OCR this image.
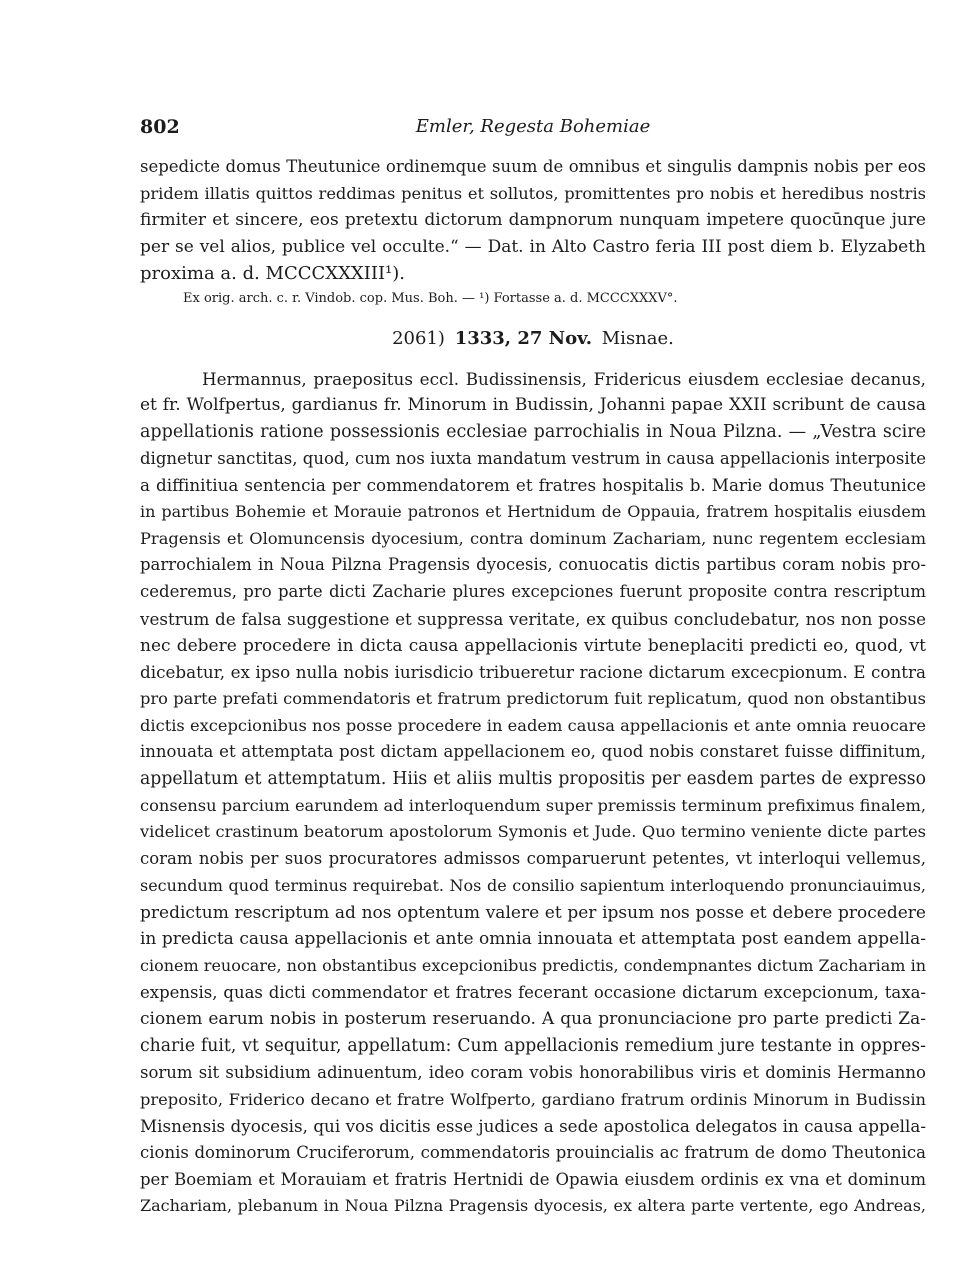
802	Emler, Regesta Bohemiae
sepedicte domus Theutunice ordinemque suum de omnibus et singulis dampnis nobis per eos
pridem illatis quittos reddimas penitus et sollutos, promittentes pro nobis et heredibus nostris
firmiter et sincere, eos pretextu dictorum dampnorum nunquam impetere quocūnque jure
per se vel alios, publice vel occulte.“ — Dat. in Alto Castro feria III post diem b. Elyzabeth
proxima a. d. MCCCXXXIII¹).
Ex orig. arch. c. r. Vindob. cop. Mus. Boh. — ¹) Fortasse a. d. MCCCXXXV°.
2061) 1333, 27 Nov. Misnae.
Hermannus, praepositus eccl. Budissinensis, Fridericus eiusdem ecclesiae decanus,
et fr. Wolfpertus, gardianus fr. Minorum in Budissin, Johanni papae XXII scribunt de causa
appellationis ratione possessionis ecclesiae parrochialis in Noua Pilzna. — „Vestra scire
dignetur sanctitas, quod, cum nos iuxta mandatum vestrum in causa appellacionis interposite
a diffinitiua sentencia per commendatorem et fratres hospitalis b. Marie domus Theutunice
in partibus Bohemie et Morauie patronos et Hertnidum de Oppauia, fratrem hospitalis eiusdem
Pragensis et Olomuncensis dyocesium, contra dominum Zachariam, nunc regentem ecclesiam
parrochialem in Noua Pilzna Pragensis dyocesis, conuocatis dictis partibus coram nobis pro-
cederemus, pro parte dicti Zacharie plures excepciones fuerunt proposite contra rescriptum
vestrum de falsa suggestione et suppressa veritate, ex quibus concludebatur, nos non posse
nec debere procedere in dicta causa appellacionis virtute beneplaciti predicti eo, quod, vt
dicebatur, ex ipso nulla nobis iurisdicio tribueretur racione dictarum excecpionum. E contra
pro parte prefati commendatoris et fratrum predictorum fuit replicatum, quod non obstantibus
dictis excepcionibus nos posse procedere in eadem causa appellacionis et ante omnia reuocare
innouata et attemptata post dictam appellacionem eo, quod nobis constaret fuisse diffinitum,
appellatum et attemptatum. Hiis et aliis multis propositis per easdem partes de expresso
consensu parcium earundem ad interloquendum super premissis terminum prefiximus finalem,
videlicet crastinum beatorum apostolorum Symonis et Jude. Quo termino veniente dicte partes
coram nobis per suos procuratores admissos comparuerunt petentes, vt interloqui vellemus,
secundum quod terminus requirebat. Nos de consilio sapientum interloquendo pronunciauimus,
predictum rescriptum ad nos optentum valere et per ipsum nos posse et debere procedere
in predicta causa appellacionis et ante omnia innouata et attemptata post eandem appella-
cionem reuocare, non obstantibus excepcionibus predictis, condempnantes dictum Zachariam in
expensis, quas dicti commendator et fratres fecerant occasione dictarum excepcionum, taxa-
cionem earum nobis in posterum reseruando. A qua pronunciacione pro parte predicti Za-
charie fuit, vt sequitur, appellatum: Cum appellacionis remedium jure testante in oppres-
sorum sit subsidium adinuentum, ideo coram vobis honorabilibus viris et dominis Hermanno
preposito, Friderico decano et fratre Wolfperto, gardiano fratrum ordinis Minorum in Budissin
Misnensis dyocesis, qui vos dicitis esse judices a sede apostolica delegatos in causa appella-
cionis dominorum Cruciferorum, commendatoris prouincialis ac fratrum de domo Theutonica
per Boemiam et Morauiam et fratris Hertnidi de Opawia eiusdem ordinis ex vna et dominum
Zachariam, plebanum in Noua Pilzna Pragensis dyocesis, ex altera parte vertente, ego Andreas,
